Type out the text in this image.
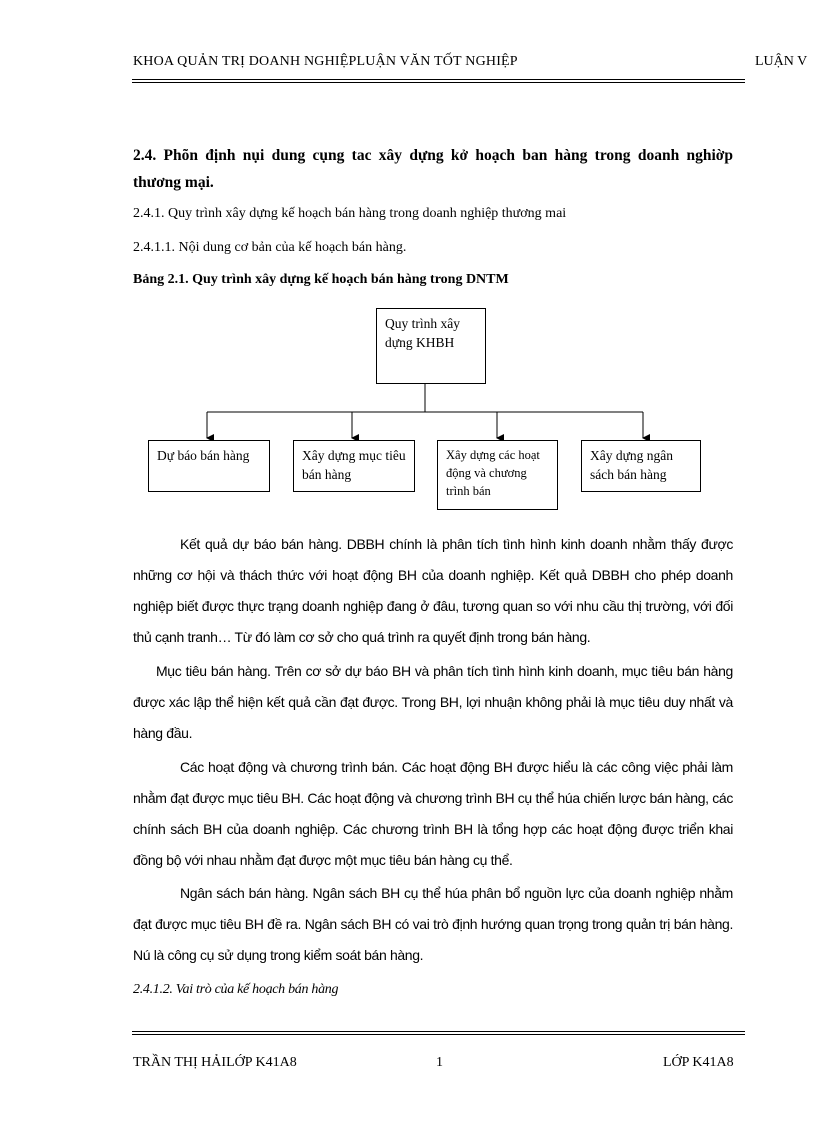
KHOA QUẢN TRỊ DOANH NGHIỆPLUẬN VĂN TỐT NGHIỆP	LUẬN V
2.4. Phõn định nụi dung cụng tac xây dựng kở hoạch ban hàng trong doanh nghiờp thương mại.
2.4.1. Quy trình xây dựng kế hoạch bán hàng trong doanh nghiệp thương mai
2.4.1.1. Nội dung cơ bản của kế hoạch bán hàng.
Bảng 2.1. Quy trình xây dựng kế hoạch bán hàng trong DNTM
Quy trình xây dựng KHBH
Dự báo bán hàng	Xây dựng mục tiêu bán hàng
Xây dựng các hoạt động và chương trình bán
Xây dựng ngân sách bán hàng
Kết quả dự báo bán hàng. DBBH chính là phân tích tình hình kinh doanh nhằm thấy được những cơ hội và thách thức với hoạt động BH của doanh nghiệp. Kết quả DBBH cho phép doanh nghiệp biết được thực trạng doanh nghiệp đang ở đâu, tương quan so với nhu cầu thị trường, với đối thủ cạnh tranh… Từ đó làm cơ sở cho quá trình ra quyết định trong bán hàng.
Mục tiêu bán hàng. Trên cơ sở dự báo BH và phân tích tình hình kinh doanh, mục tiêu bán hàng được xác lập thể hiện kết quả cần đạt được. Trong BH, lợi nhuận không phải là mục tiêu duy nhất và hàng đầu.
Các hoạt động và chương trình bán. Các hoạt động BH được hiểu là các công việc phải làm nhằm đạt được mục tiêu BH. Các hoạt động và chương trình BH cụ thể húa chiến lược bán hàng, các chính sách BH của doanh nghiệp. Các chương trình BH là tổng hợp các hoạt động được triển khai đồng bộ với nhau nhằm đạt được một mục tiêu bán hàng cụ thể.
Ngân sách bán hàng. Ngân sách BH cụ thể húa phân bổ nguồn lực của doanh nghiệp nhằm đạt được mục tiêu BH đề ra. Ngân sách BH có vai trò định hướng quan trọng trong quản trị bán hàng. Nú là công cụ sử dụng trong kiểm soát bán hàng.
2.4.1.2. Vai trò của kế hoạch bán hàng
TRẦN THỊ HẢILỚP K41A8	1	LỚP K41A8
